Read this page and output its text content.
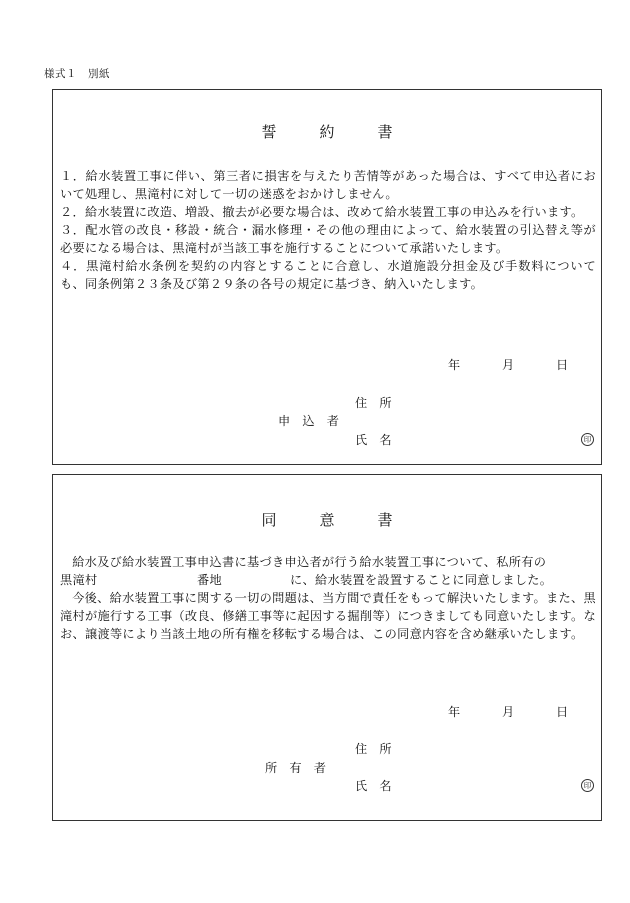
様式１　別紙
誓　約　書

１．給水装置工事に伴い、第三者に損害を与えたり苦情等があった場合は、すべて申込者において処理し、黒滝村に対して一切の迷惑をおかけしません。

２．給水装置に改造、増設、撤去が必要な場合は、改めて給水装置工事の申込みを行います。

３．配水管の改良・移設・統合・漏水修理・その他の理由によって、給水装置の引込替え等が必要になる場合は、黒滝村が当該工事を施行することについて承諾いたします。

４．黒滝村給水条例を契約の内容とすることに合意し、水道施設分担金及び手数料についても、同条例第２３条及び第２９条の各号の規定に基づき、納入いたします。

年	月	日
住　所
申　込　者
氏　名	印
同　意　書

給水及び給水装置工事申込書に基づき申込者が行う給水装置工事について、私所有の

黒滝村	番地	に、給水装置を設置することに同意しました。

今後、給水装置工事に関する一切の問題は、当方間で責任をもって解決いたします。また、黒滝村が施行する工事（改良、修繕工事等に起因する掘削等）につきましても同意いたします。なお、譲渡等により当該土地の所有権を移転する場合は、この同意内容を含め継承いたします。

年	月	日
住　所
所　有　者
氏　名	印
